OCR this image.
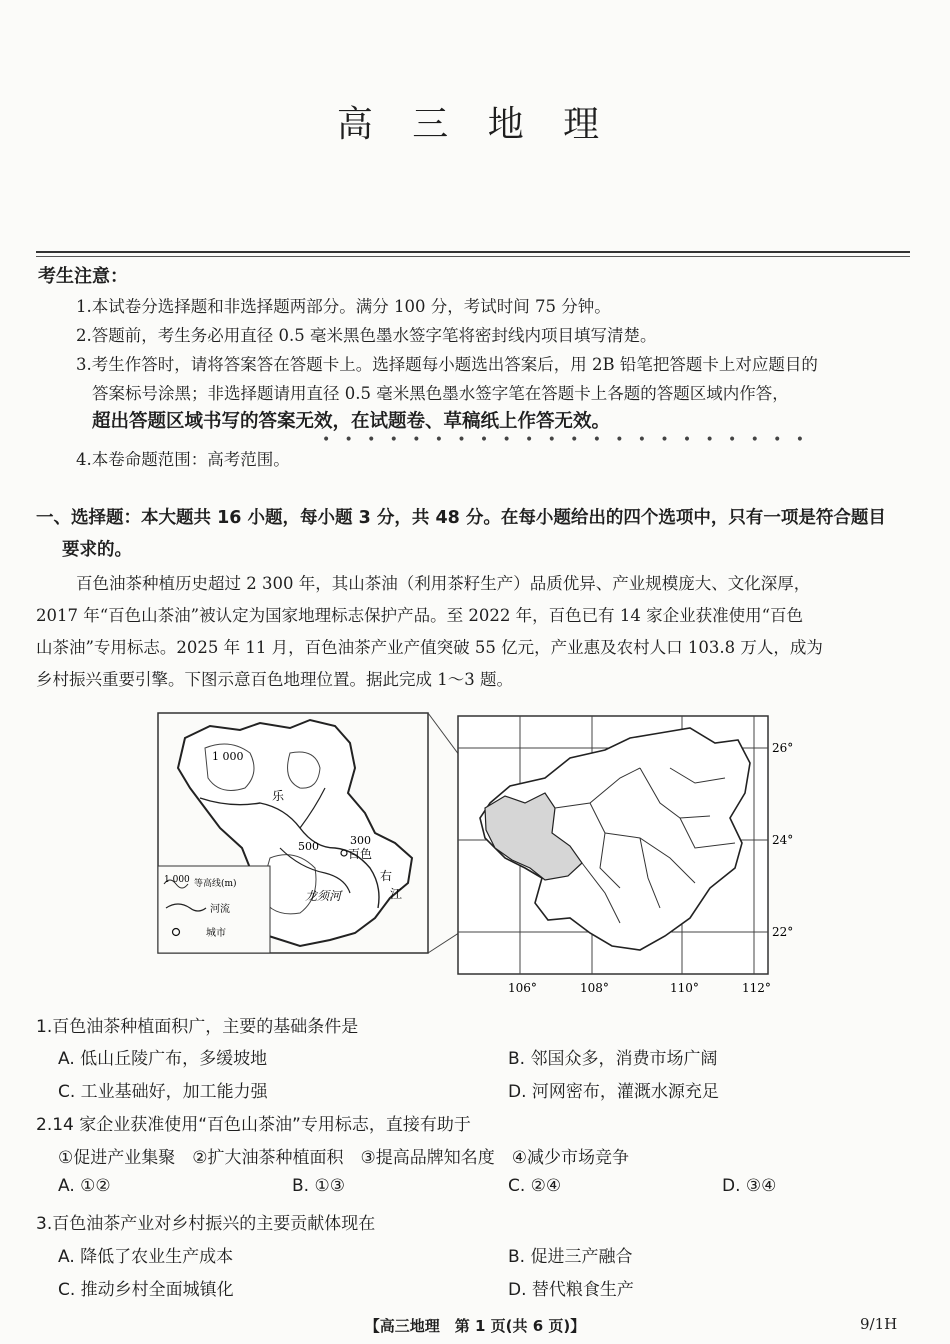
高 三 地 理
考生注意：
1.本试卷分选择题和非选择题两部分。满分 100 分，考试时间 75 分钟。
2.答题前，考生务必用直径 0.5 毫米黑色墨水签字笔将密封线内项目填写清楚。
3.考生作答时，请将答案答在答题卡上。选择题每小题选出答案后，用 2B 铅笔把答题卡上对应题目的
答案标号涂黑；非选择题请用直径 0.5 毫米黑色墨水签字笔在答题卡上各题的答题区域内作答，
超出答题区域书写的答案无效，在试题卷、草稿纸上作答无效。
••••••••••••••••••••••
4.本卷命题范围：高考范围。
一、选择题：本大题共 16 小题，每小题 3 分，共 48 分。在每小题给出的四个选项中，只有一项是符合题目
要求的。
百色油茶种植历史超过 2 300 年，其山茶油（利用茶籽生产）品质优异、产业规模庞大、文化深厚，
2017 年“百色山茶油”被认定为国家地理标志保护产品。至 2022 年，百色已有 14 家企业获准使用“百色
山茶油”专用标志。2025 年 11 月，百色油茶产业产值突破 55 亿元，产业惠及农村人口 103.8 万人，成为
乡村振兴重要引擎。下图示意百色地理位置。据此完成 1～3 题。
1 000
500	300
百色
乐
龙须河
右
江
1 000 等高线(m)
河流
城市
26°
24°
22°
106°	108°	110°	112°
1.百色油茶种植面积广，主要的基础条件是
A. 低山丘陵广布，多缓坡地	B. 邻国众多，消费市场广阔
C. 工业基础好，加工能力强	D. 河网密布，灌溉水源充足
2.14 家企业获准使用“百色山茶油”专用标志，直接有助于
①促进产业集聚　②扩大油茶种植面积　③提高品牌知名度　④减少市场竞争
A. ①②	B. ①③	C. ②④	D. ③④
3.百色油茶产业对乡村振兴的主要贡献体现在
A. 降低了农业生产成本	B. 促进三产融合
C. 推动乡村全面城镇化	D. 替代粮食生产
【高三地理　第 1 页(共 6 页)】	9/1H
